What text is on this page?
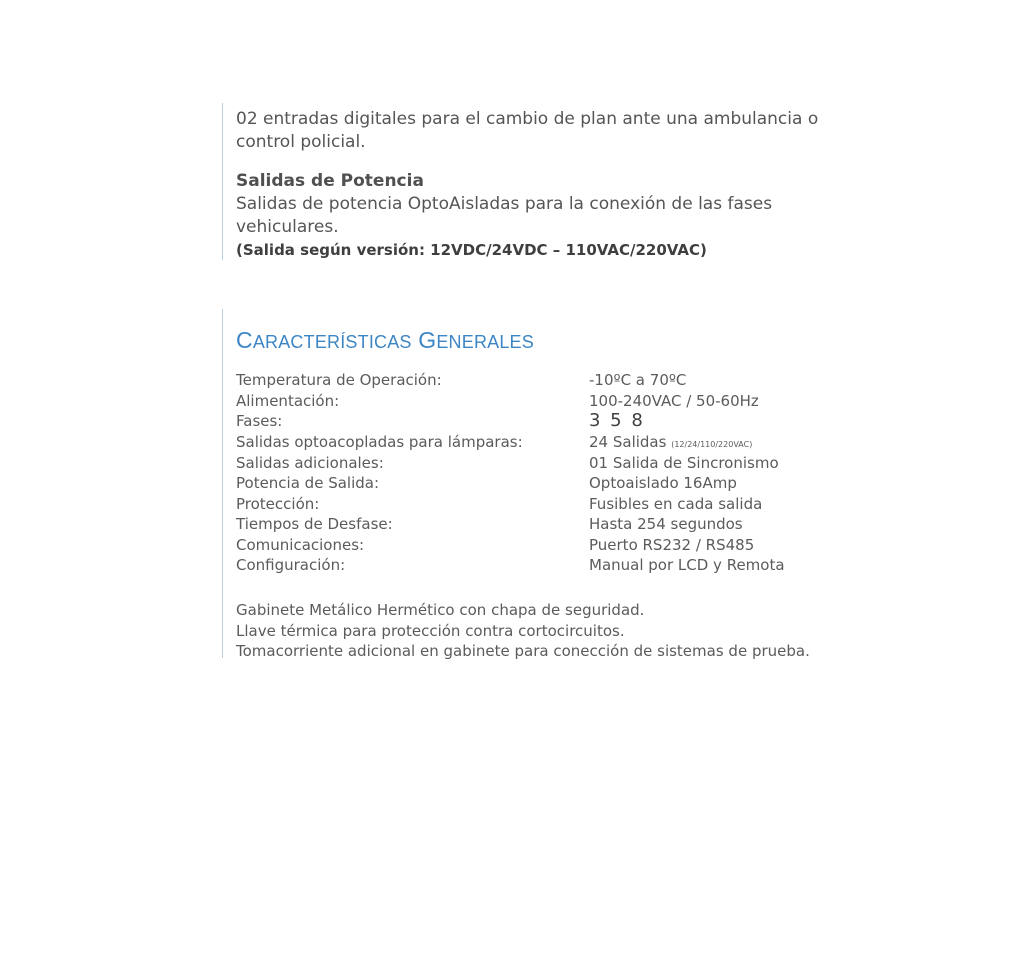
02 entradas digitales para el cambio de plan ante una ambulancia o
control policial.
Salidas de Potencia
Salidas de potencia OptoAisladas para la conexión de las fases
vehiculares.
(Salida según versión: 12VDC/24VDC – 110VAC/220VAC)
CARACTERÍSTICAS GENERALES
Temperatura de Operación:	-10ºC a 70ºC
Alimentación:	100-240VAC / 50-60Hz
Fases:	3 5 8
Salidas optoacopladas para lámparas:	24 Salidas (12/24/110/220VAC)
Salidas adicionales:	01 Salida de Sincronismo
Potencia de Salida:	Optoaislado 16Amp
Protección:	Fusibles en cada salida
Tiempos de Desfase:	Hasta 254 segundos
Comunicaciones:	Puerto RS232 / RS485
Configuración:	Manual por LCD y Remota
Gabinete Metálico Hermético con chapa de seguridad.
Llave térmica para protección contra cortocircuitos.
Tomacorriente adicional en gabinete para conección de sistemas de prueba.
